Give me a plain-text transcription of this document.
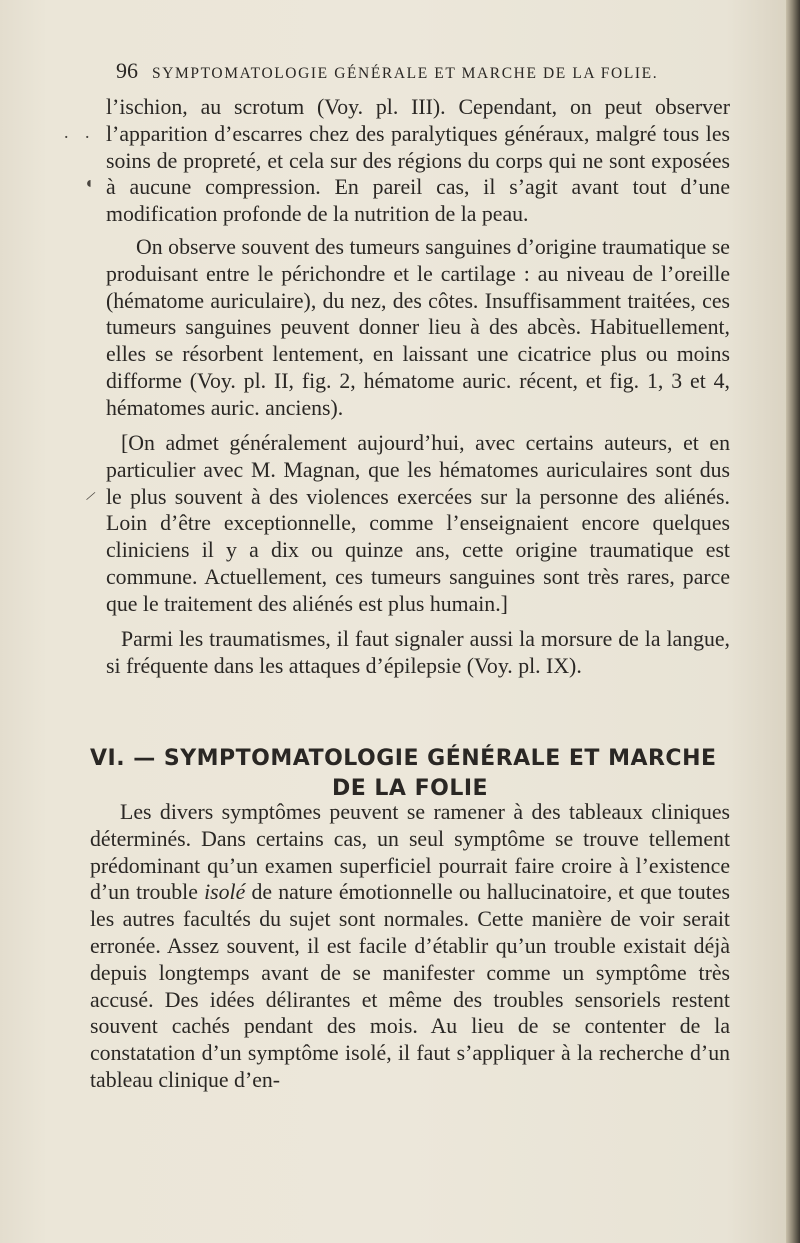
96 SYMPTOMATOLOGIE GÉNÉRALE ET MARCHE DE LA FOLIE.
. .
◖
/

l’ischion, au scrotum (Voy. pl. III). Cependant, on peut observer l’apparition d’escarres chez des paralytiques généraux, malgré tous les soins de propreté, et cela sur des régions du corps qui ne sont exposées à aucune compression. En pareil cas, il s’agit avant tout d’une modification profonde de la nutrition de la peau.

On observe souvent des tumeurs sanguines d’origine traumatique se produisant entre le périchondre et le cartilage : au niveau de l’oreille (hématome auriculaire), du nez, des côtes. Insuffisamment traitées, ces tumeurs sanguines peuvent donner lieu à des abcès. Habituellement, elles se résorbent lentement, en laissant une cicatrice plus ou moins difforme (Voy. pl. II, fig. 2, hématome auric. récent, et fig. 1, 3 et 4, hématomes auric. anciens).

[On admet généralement aujourd’hui, avec certains auteurs, et en particulier avec M. Magnan, que les hématomes auriculaires sont dus le plus souvent à des violences exercées sur la personne des aliénés. Loin d’être exceptionnelle, comme l’enseignaient encore quelques cliniciens il y a dix ou quinze ans, cette origine traumatique est commune. Actuellement, ces tumeurs sanguines sont très rares, parce que le traitement des aliénés est plus humain.]

Parmi les traumatismes, il faut signaler aussi la morsure de la langue, si fréquente dans les attaques d’épilepsie (Voy. pl. IX).

VI. — SYMPTOMATOLOGIE GÉNÉRALE ET MARCHE
DE LA FOLIE

Les divers symptômes peuvent se ramener à des tableaux cliniques déterminés. Dans certains cas, un seul symptôme se trouve tellement prédominant qu’un examen superficiel pourrait faire croire à l’existence d’un trouble isolé de nature émotionnelle ou hallucinatoire, et que toutes les autres facultés du sujet sont normales. Cette manière de voir serait erronée. Assez souvent, il est facile d’établir qu’un trouble existait déjà depuis longtemps avant de se manifester comme un symptôme très accusé. Des idées délirantes et même des troubles sensoriels restent souvent cachés pendant des mois. Au lieu de se contenter de la constatation d’un symptôme isolé, il faut s’appliquer à la recherche d’un tableau clinique d’en-
